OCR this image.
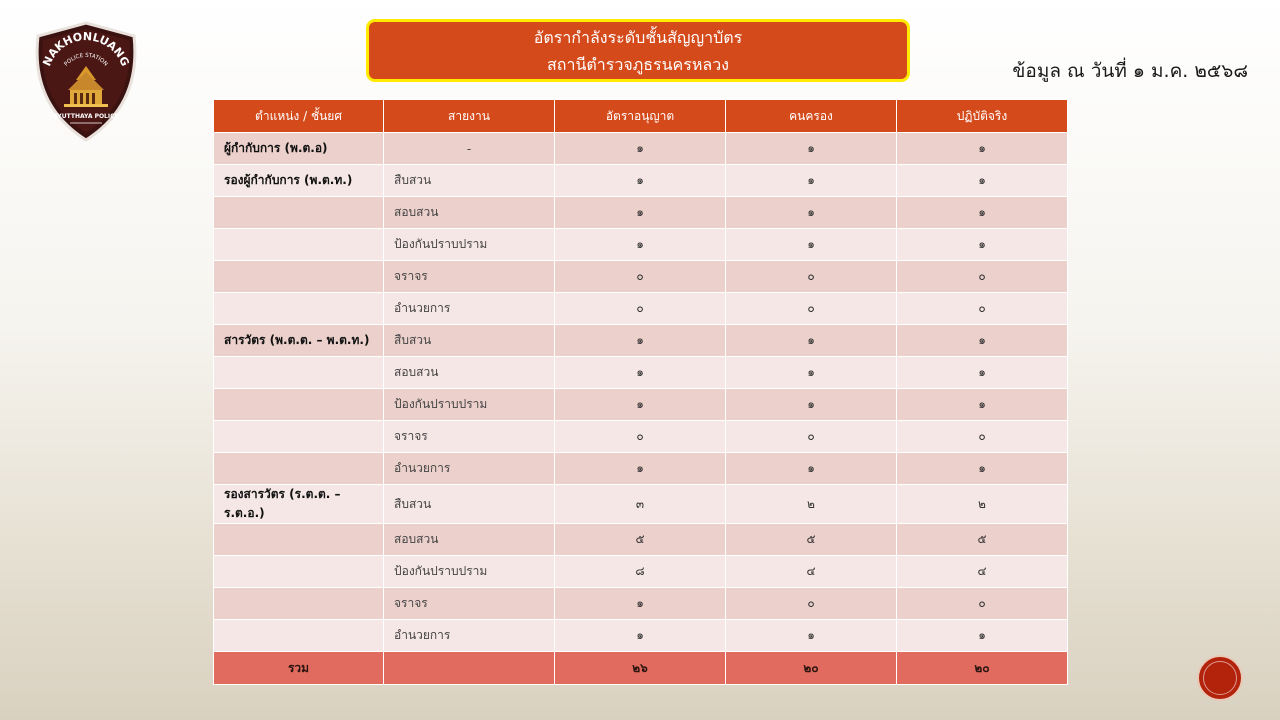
NAKHONLUANG
POLICE STATION
AYUTTHAYA POLICE
อัตรากำลังระดับชั้นสัญญาบัตร
สถานีตำรวจภูธรนครหลวง	ข้อมูล ณ วันที่ ๑ ม.ค. ๒๕๖๘
ตำแหน่ง / ชั้นยศ	สายงาน	อัตราอนุญาต	คนครอง	ปฏิบัติจริง
ผู้กำกับการ (พ.ต.อ)	-	๑	๑	๑
รองผู้กำกับการ (พ.ต.ท.)	สืบสวน	๑	๑	๑
	สอบสวน	๑	๑	๑
	ป้องกันปราบปราม	๑	๑	๑
	จราจร	๐	๐	๐
	อำนวยการ	๐	๐	๐
สารวัตร (พ.ต.ต. – พ.ต.ท.)	สืบสวน	๑	๑	๑
	สอบสวน	๑	๑	๑
	ป้องกันปราบปราม	๑	๑	๑
	จราจร	๐	๐	๐
	อำนวยการ	๑	๑	๑
รองสารวัตร (ร.ต.ต. – ร.ต.อ.)	สืบสวน	๓	๒	๒
	สอบสวน	๕	๕	๕
	ป้องกันปราบปราม	๘	๔	๔
	จราจร	๑	๐	๐
	อำนวยการ	๑	๑	๑
รวม		๒๖	๒๐	๒๐
